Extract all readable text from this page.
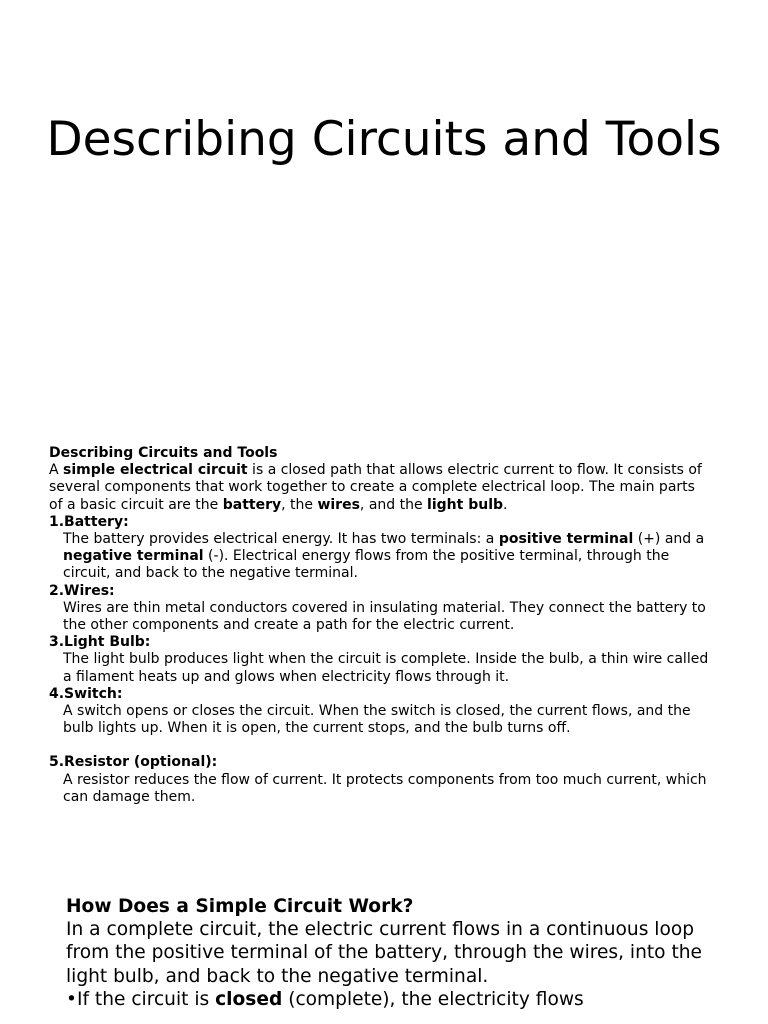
Describing Circuits and Tools

Describing Circuits and Tools

A simple electrical circuit is a closed path that allows electric current to flow. It consists of several components that work together to create a complete electrical loop. The main parts of a basic circuit are the battery, the wires, and the light bulb.

1.Battery:

The battery provides electrical energy. It has two terminals: a positive terminal (+) and a negative terminal (-). Electrical energy flows from the positive terminal, through the circuit, and back to the negative terminal.

2.Wires:

Wires are thin metal conductors covered in insulating material. They connect the battery to the other components and create a path for the electric current.

3.Light Bulb:

The light bulb produces light when the circuit is complete. Inside the bulb, a thin wire called a filament heats up and glows when electricity flows through it.

4.Switch:

A switch opens or closes the circuit. When the switch is closed, the current flows, and the bulb lights up. When it is open, the current stops, and the bulb turns off.

5.Resistor (optional):

A resistor reduces the flow of current. It protects components from too much current, which can damage them.

How Does a Simple Circuit Work?

In a complete circuit, the electric current flows in a continuous loop from the positive terminal of the battery, through the wires, into the light bulb, and back to the negative terminal.

•If the circuit is closed (complete), the electricity flows
